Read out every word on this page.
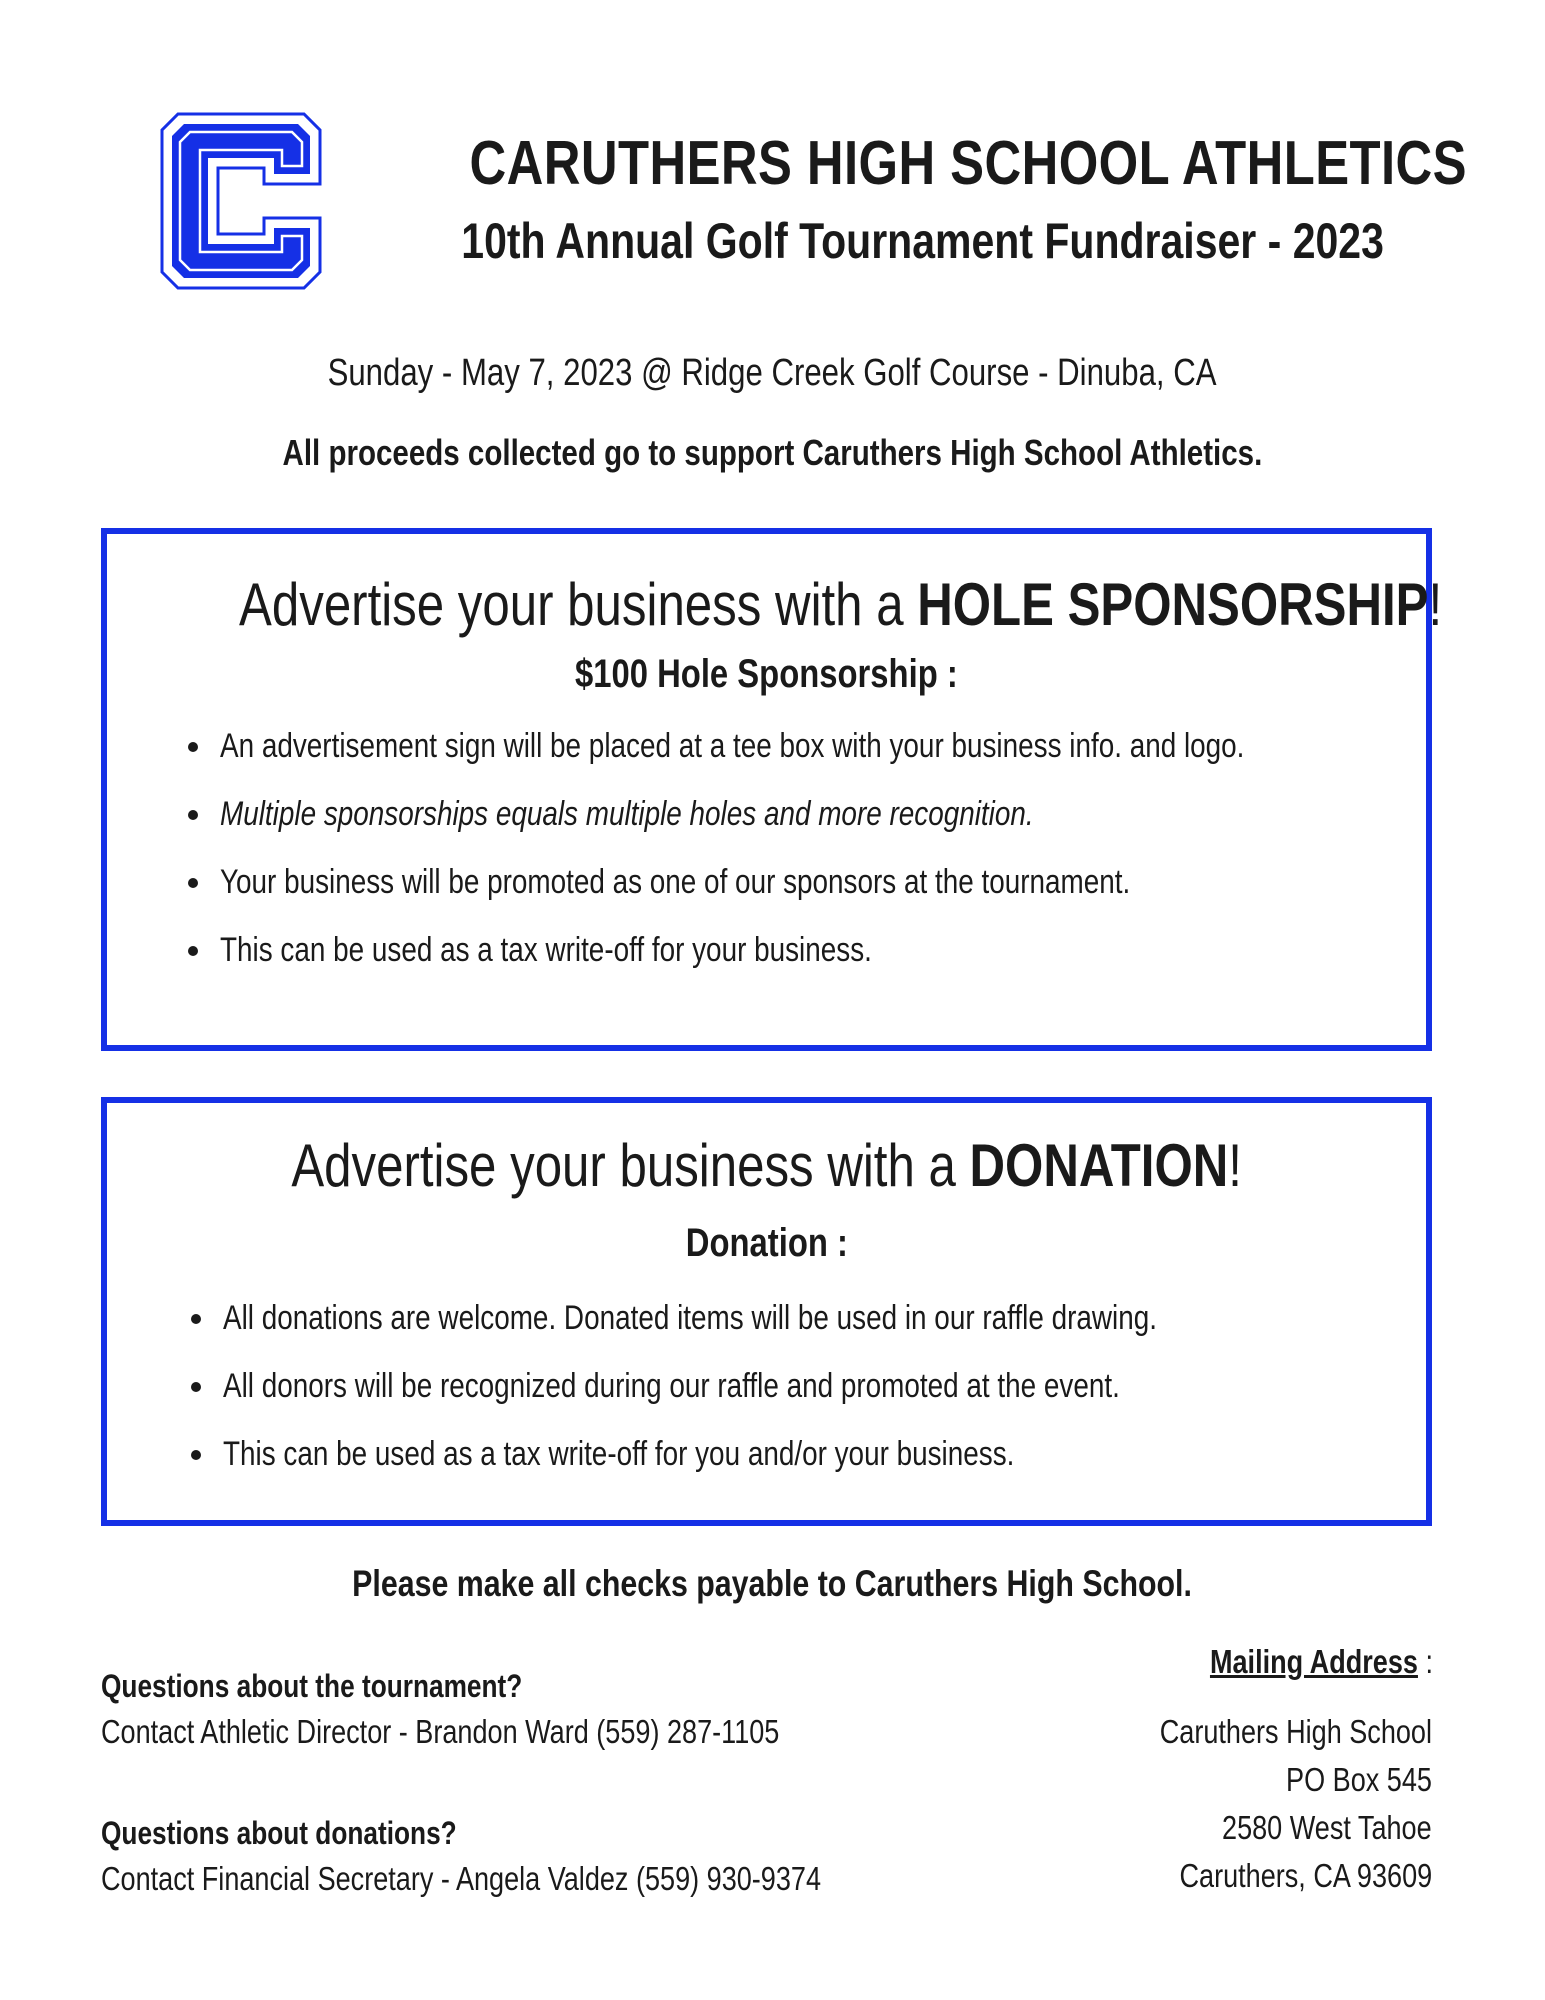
CARUTHERS HIGH SCHOOL ATHLETICS
10th Annual Golf Tournament Fundraiser - 2023
Sunday - May 7, 2023 @ Ridge Creek Golf Course - Dinuba, CA
All proceeds collected go to support Caruthers High School Athletics.
Advertise your business with a HOLE SPONSORSHIP!
$100 Hole Sponsorship :
An advertisement sign will be placed at a tee box with your business info. and logo.
Multiple sponsorships equals multiple holes and more recognition.
Your business will be promoted as one of our sponsors at the tournament.
This can be used as a tax write-off for your business.
Advertise your business with a DONATION!
Donation :
All donations are welcome. Donated items will be used in our raffle drawing.
All donors will be recognized during our raffle and promoted at the event.
This can be used as a tax write-off for you and/or your business.
Please make all checks payable to Caruthers High School.
Questions about the tournament?
Contact Athletic Director - Brandon Ward (559) 287-1105
Questions about donations?
Contact Financial Secretary - Angela Valdez (559) 930-9374
Mailing Address :
Caruthers High School
PO Box 545
2580 West Tahoe
Caruthers, CA 93609
